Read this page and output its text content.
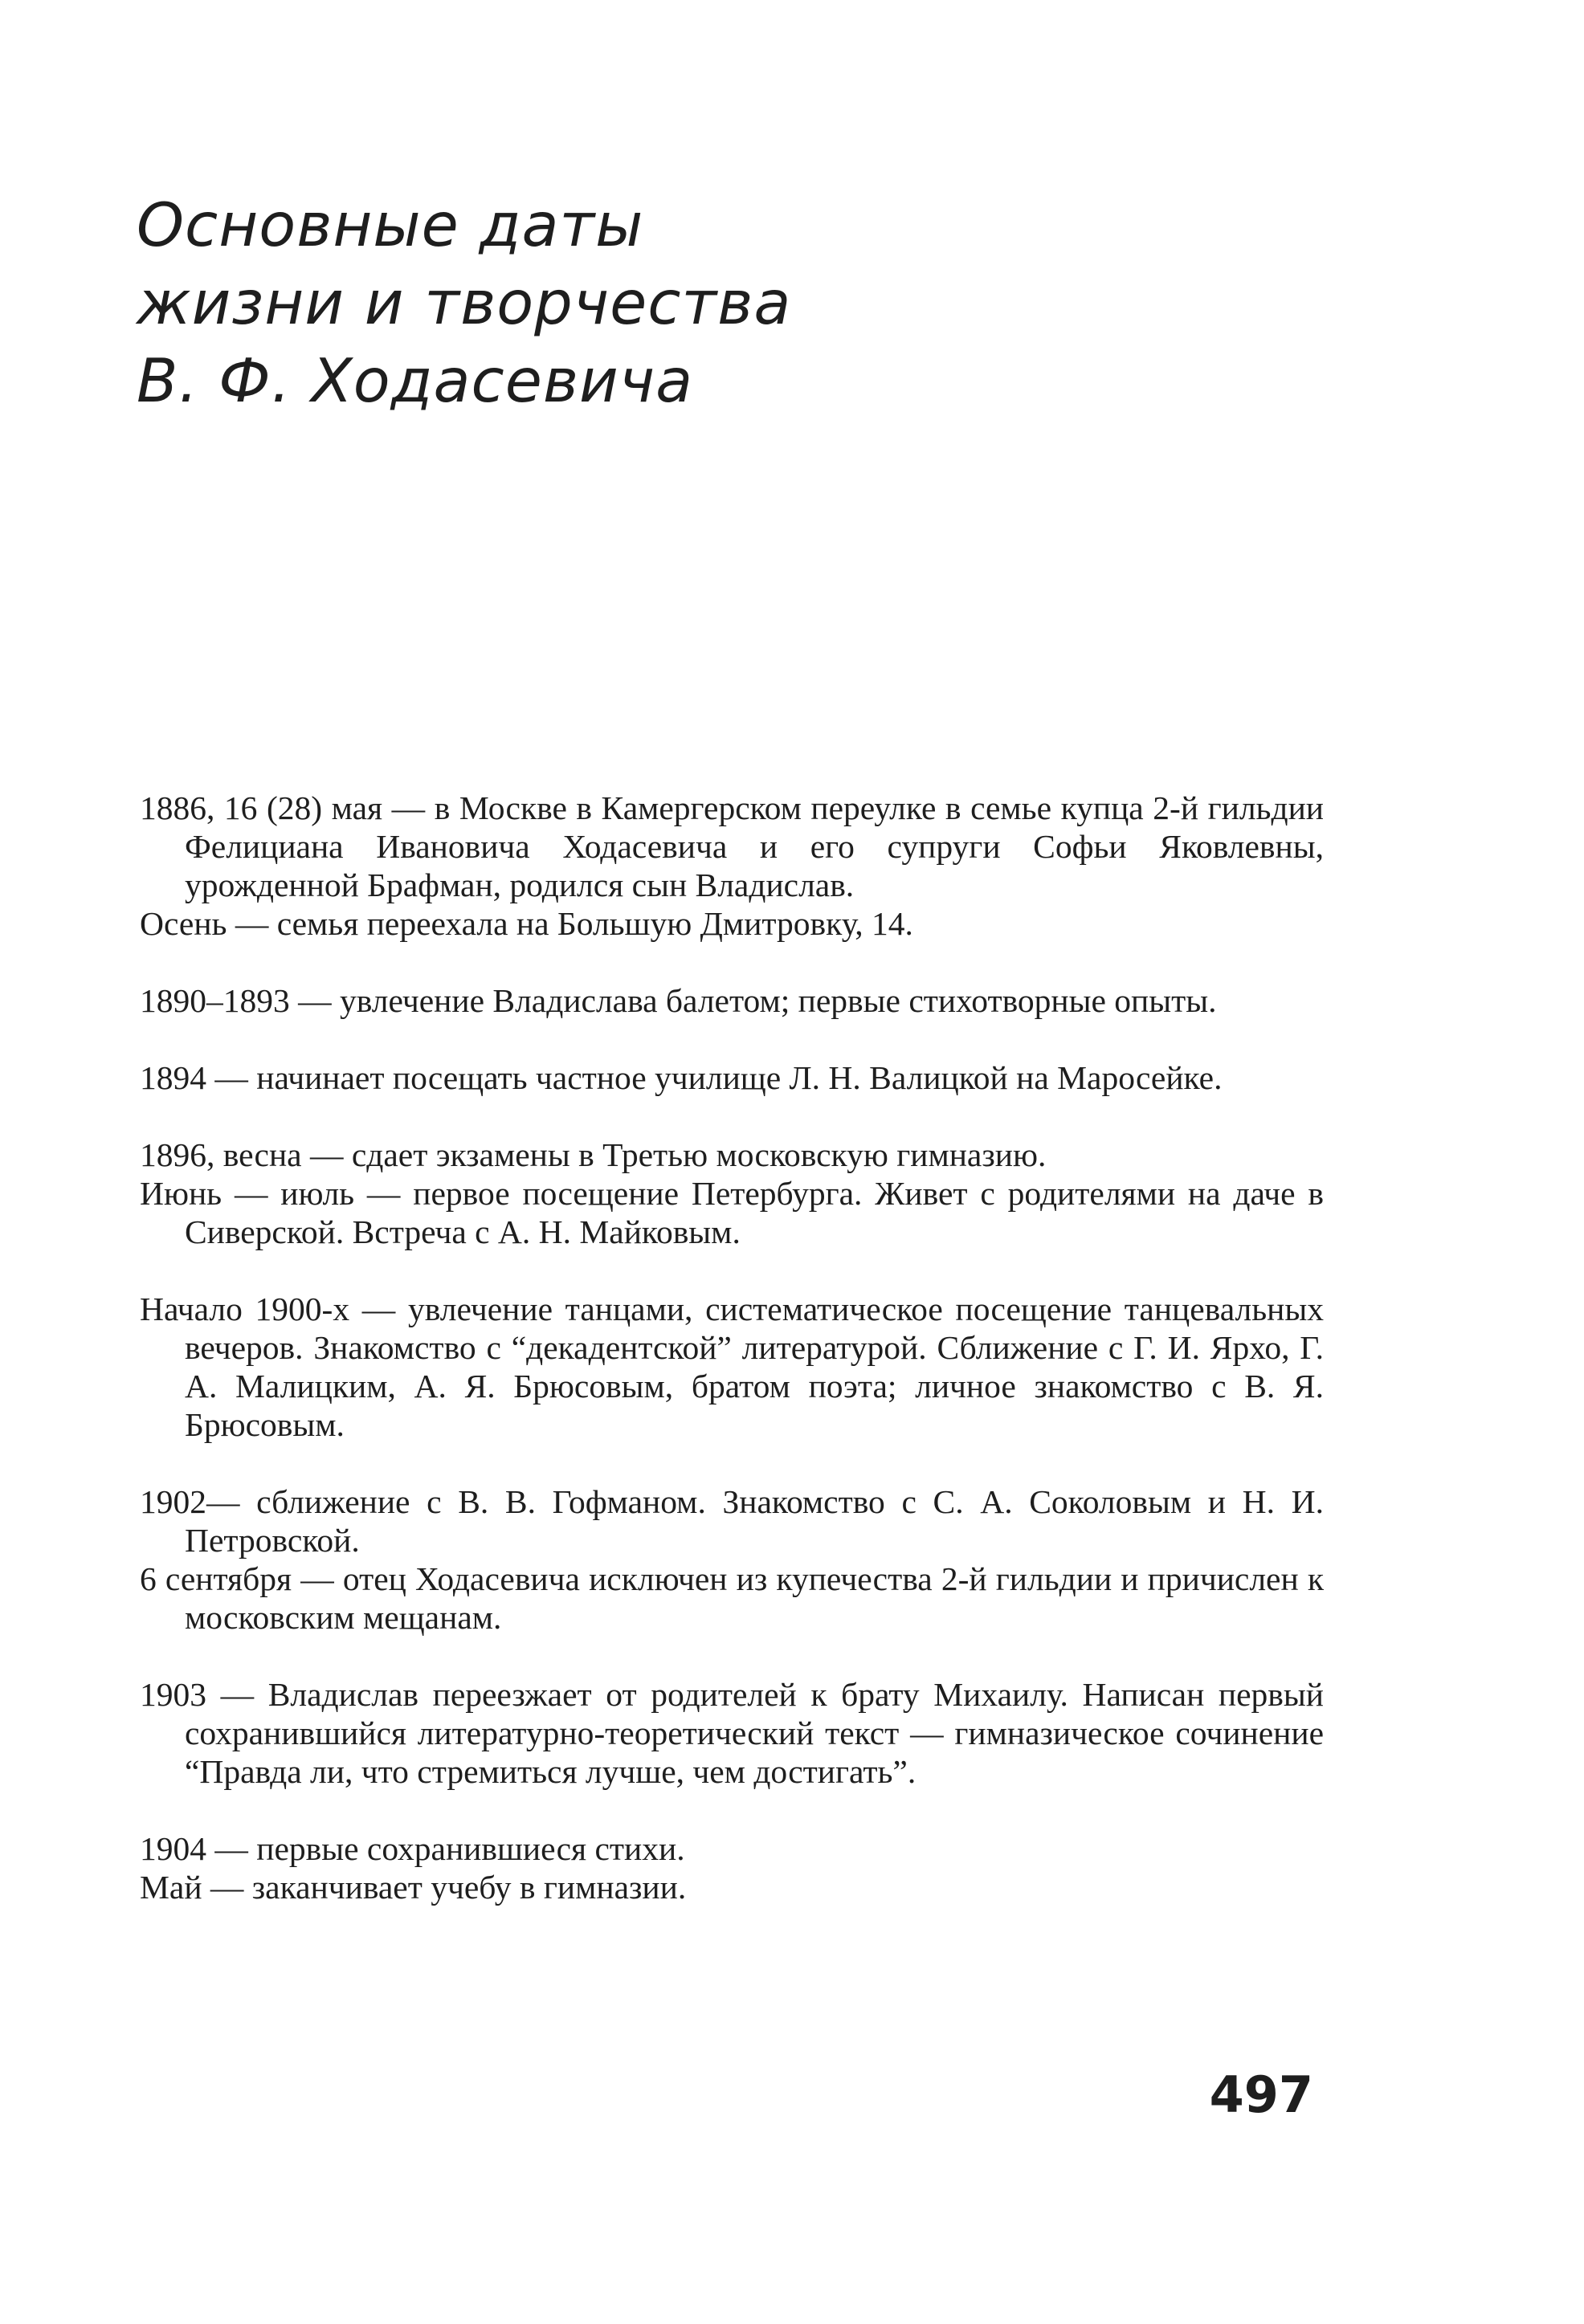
Основные даты
жизни и творчества
В. Ф. Ходасевича

1886, 16 (28) мая — в Москве в Камергерском переулке в семье купца 2-й гильдии Фелициана Ивановича Ходасевича и его супруги Софьи Яковлевны, урожденной Брафман, родился сын Владислав.

Осень — семья переехала на Большую Дмитровку, 14.

1890–1893 — увлечение Владислава балетом; первые стихотворные опыты.

1894 — начинает посещать частное училище Л. Н. Валицкой на Маросейке.

1896, весна — сдает экзамены в Третью московскую гимназию.

Июнь — июль — первое посещение Петербурга. Живет с родителями на даче в Сиверской. Встреча с А. Н. Майковым.

Начало 1900-х — увлечение танцами, систематическое посещение танцевальных вечеров. Знакомство с “декадентской” литературой. Сближение с Г. И. Ярхо, Г. А. Малицким, А. Я. Брюсовым, братом поэта; личное знакомство с В. Я. Брюсовым.

1902— сближение с В. В. Гофманом. Знакомство с С. А. Соколовым и Н. И. Петровской.

6 сентября — отец Ходасевича исключен из купечества 2-й гильдии и причислен к московским мещанам.

1903 — Владислав переезжает от родителей к брату Михаилу. Написан первый сохранившийся литературно-теоретический текст — гимназическое сочинение “Правда ли, что стремиться лучше, чем достигать”.

1904 — первые сохранившиеся стихи.

Май — заканчивает учебу в гимназии.

497
